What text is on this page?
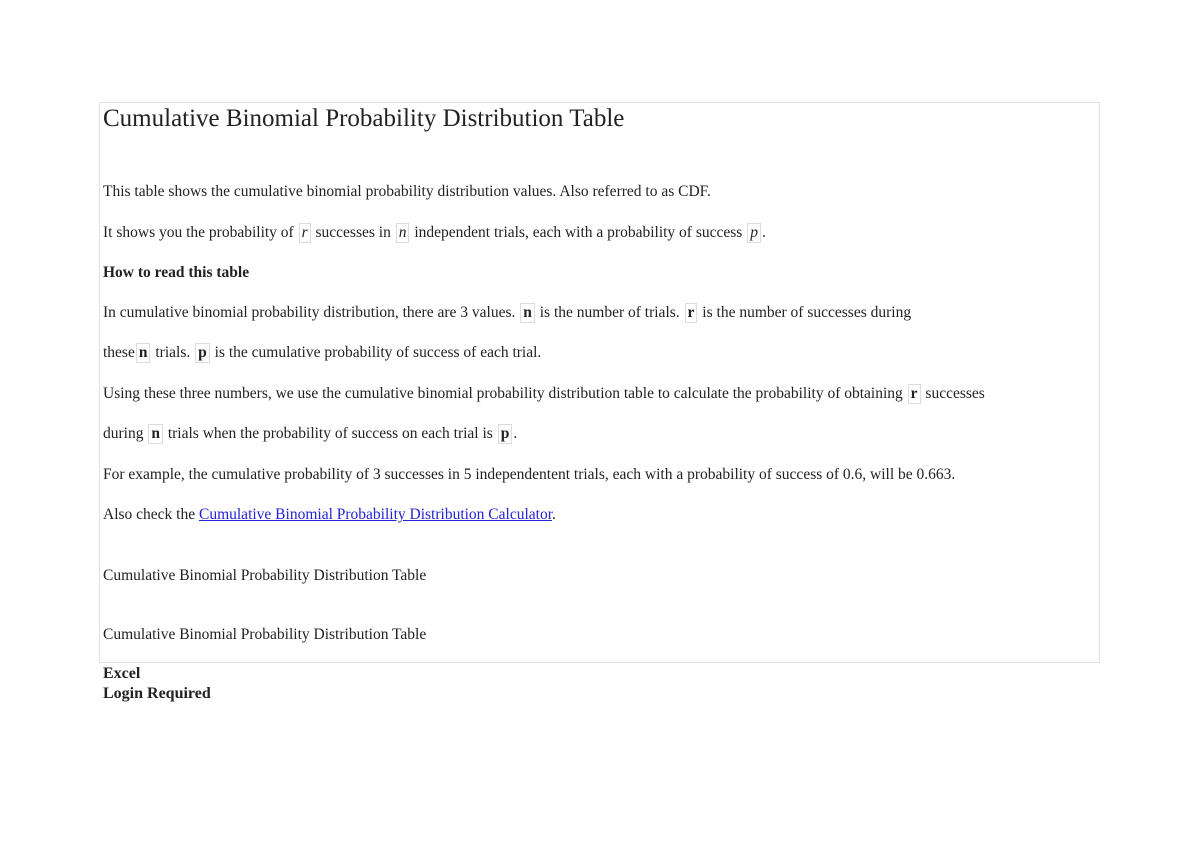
Cumulative Binomial Probability Distribution Table

This table shows the cumulative binomial probability distribution values. Also referred to as CDF.

It shows you the probability of r successes in n independent trials, each with a probability of success p .

How to read this table

In cumulative binomial probability distribution, there are 3 values. n is the number of trials. r is the number of successes during

these n trials. p is the cumulative probability of success of each trial.

Using these three numbers, we use the cumulative binomial probability distribution table to calculate the probability of obtaining r successes

during n trials when the probability of success on each trial is p .

For example, the cumulative probability of 3 successes in 5 independentent trials, each with a probability of success of 0.6, will be 0.663.

Also check the Cumulative Binomial Probability Distribution Calculator.

Cumulative Binomial Probability Distribution Table

Cumulative Binomial Probability Distribution Table

Excel

Login Required
